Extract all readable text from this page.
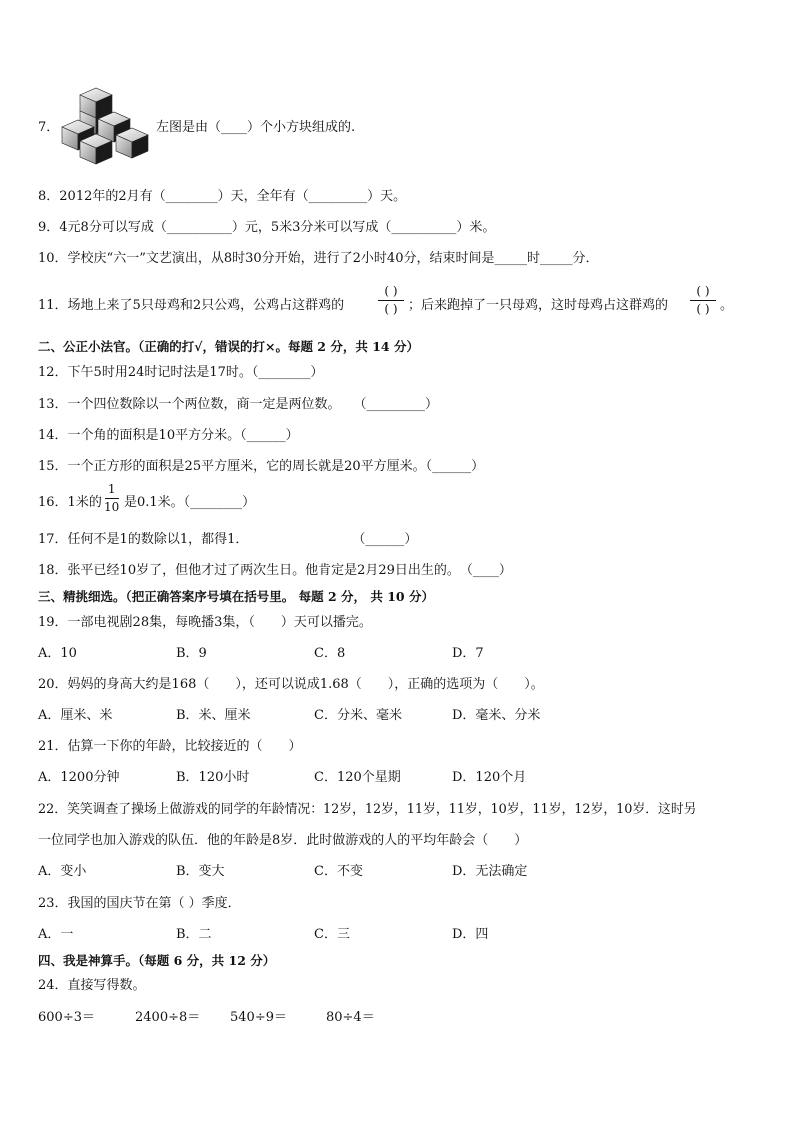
7．	左图是由（____）个小方块组成的.
8．2012年的2月有（________）天，全年有（_________）天。
9．4元8分可以写成（__________）元，5米3分米可以写成（__________）米。
10．学校庆“六一”文艺演出，从8时30分开始，进行了2小时40分，结束时间是_____时_____分．
11．场地上来了5只母鸡和2只公鸡，公鸡占这群鸡的
( )
( ) ；后来跑掉了一只母鸡，这时母鸡占这群鸡的
( )
( ) 。
二、公正小法官。（正确的打√，错误的打×。每题 2 分，共 14 分）
12．下午5时用24时记时法是17时。（________）
13．一个四位数除以一个两位数，商一定是两位数。　　（_________）
14．一个角的面积是10平方分米。（______）
15．一个正方形的面积是25平方厘米，它的周长就是20平方厘米。（______）
16．1米的
1
10 是0.1米。（________）
17．任何不是1的数除以1，都得1．　　　　　　　　　（______）
18．张平已经10岁了，但他才过了两次生日。他肯定是2月29日出生的。　（____）
三、精挑细选。（把正确答案序号填在括号里。 每题 2 分， 共 10 分）
19．一部电视剧28集，每晚播3集，（　　）天可以播完。
A．10	B．9	C．8	D．7
20．妈妈的身高大约是168（　　），还可以说成1.68（　　），正确的选项为（　　）。
A．厘米、米	B．米、厘米	C．分米、毫米	D．毫米、分米
21．估算一下你的年龄，比较接近的（　　）
A．1200分钟	B．120小时	C．120个星期	D．120个月
22．笑笑调查了操场上做游戏的同学的年龄情况：12岁，12岁，11岁，11岁，10岁，11岁，12岁，10岁．这时另
一位同学也加入游戏的队伍．他的年龄是8岁．此时做游戏的人的平均年龄会（　　）
A．变小	B．变大	C．不变	D．无法确定
23．我国的国庆节在第（ ）季度．
A．一	B．二	C．三	D．四
四、我是神算手。（每题 6 分，共 12 分）
24．直接写得数。
600÷3＝	2400÷8＝ 540÷9＝	80÷4＝
